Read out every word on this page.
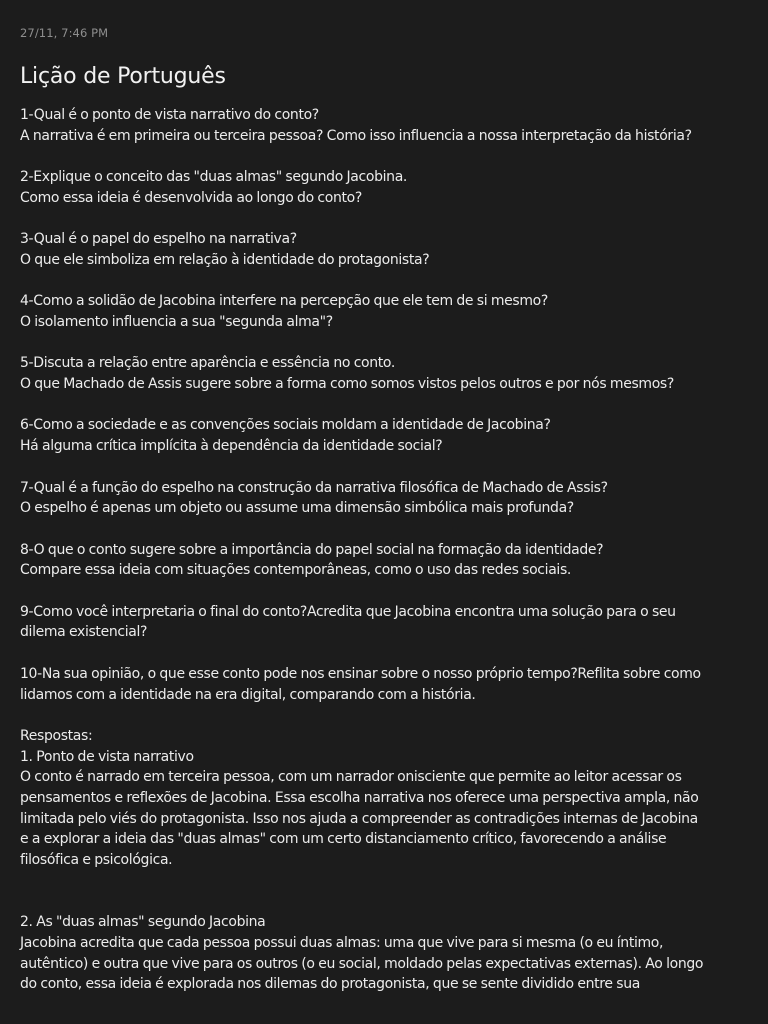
27/11, 7:46 PM
Lição de Português

1-Qual é o ponto de vista narrativo do conto?
A narrativa é em primeira ou terceira pessoa? Como isso influencia a nossa interpretação da história?

2-Explique o conceito das "duas almas" segundo Jacobina.
Como essa ideia é desenvolvida ao longo do conto?

3-Qual é o papel do espelho na narrativa?
O que ele simboliza em relação à identidade do protagonista?

4-Como a solidão de Jacobina interfere na percepção que ele tem de si mesmo?
O isolamento influencia a sua "segunda alma"?

5-Discuta a relação entre aparência e essência no conto.
O que Machado de Assis sugere sobre a forma como somos vistos pelos outros e por nós mesmos?

6-Como a sociedade e as convenções sociais moldam a identidade de Jacobina?
Há alguma crítica implícita à dependência da identidade social?

7-Qual é a função do espelho na construção da narrativa filosófica de Machado de Assis?
O espelho é apenas um objeto ou assume uma dimensão simbólica mais profunda?

8-O que o conto sugere sobre a importância do papel social na formação da identidade?
Compare essa ideia com situações contemporâneas, como o uso das redes sociais.

9-Como você interpretaria o final do conto?Acredita que Jacobina encontra uma solução para o seu
dilema existencial?

10-Na sua opinião, o que esse conto pode nos ensinar sobre o nosso próprio tempo?Reflita sobre como
lidamos com a identidade na era digital, comparando com a história.

Respostas:
1. Ponto de vista narrativo
O conto é narrado em terceira pessoa, com um narrador onisciente que permite ao leitor acessar os
pensamentos e reflexões de Jacobina. Essa escolha narrativa nos oferece uma perspectiva ampla, não
limitada pelo viés do protagonista. Isso nos ajuda a compreender as contradições internas de Jacobina
e a explorar a ideia das "duas almas" com um certo distanciamento crítico, favorecendo a análise
filosófica e psicológica.

2. As "duas almas" segundo Jacobina
Jacobina acredita que cada pessoa possui duas almas: uma que vive para si mesma (o eu íntimo,
autêntico) e outra que vive para os outros (o eu social, moldado pelas expectativas externas). Ao longo
do conto, essa ideia é explorada nos dilemas do protagonista, que se sente dividido entre sua
